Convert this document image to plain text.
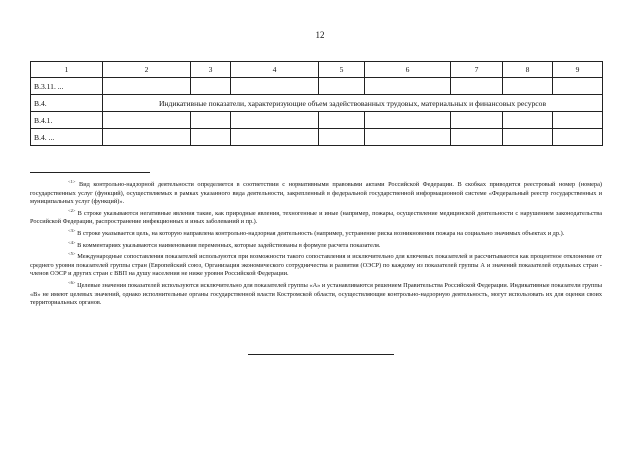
12
1	2	3	4	5	6	7	8	9
В.3.11. ...								
В.4.	Индикативные показатели, характеризующие объем задействованных трудовых, материальных и финансовых ресурсов							
В.4.1.								
В.4. ...								

$^{<1>}$ Вид контрольно-надзорной деятельности определяется в соответствии с нормативными правовыми актами Российской Федерации. В скобках приводится реестровый номер (номера) государственных услуг (функций), осуществляемых в рамках указанного вида деятельности, закрепленный в федеральной государственной информационной системе «Федеральный реестр государственных и муниципальных услуг (функций)».

$^{<2>}$ В строке указываются негативные явления такие, как природные явления, техногенные и иные (например, пожары, осуществление медицинской деятельности с нарушением законодательства Российской Федерации, распространение инфекционных и иных заболеваний и пр.).

$^{<3>}$ В строке указывается цель, на которую направлена контрольно-надзорная деятельность (например, устранение риска возникновения пожара на социально значимых объектах и др.).

$^{<4>}$ В комментариях указываются наименования переменных, которые задействованы в формуле расчета показателя.

$^{<5>}$ Международные сопоставления показателей используются при возможности такого сопоставления и исключительно для ключевых показателей и рассчитываются как процентное отклонение от среднего уровня показателей группы стран (Европейский союз, Организация экономического сотрудничества и развития (ОЭСР) по каждому из показателей группы А и значений показателей отдельных стран - членов ОЭСР и других стран с ВВП на душу населения не ниже уровня Российской Федерации.

$^{<6>}$ Целевые значения показателей используются исключительно для показателей группы «А» и устанавливаются решением Правительства Российской Федерации. Индикативные показатели группы «В» не имеют целевых значений, однако исполнительные органы государственной власти Костромской области, осуществляющие контрольно-надзорную деятельность, могут использовать их для оценки своих территориальных органов.
